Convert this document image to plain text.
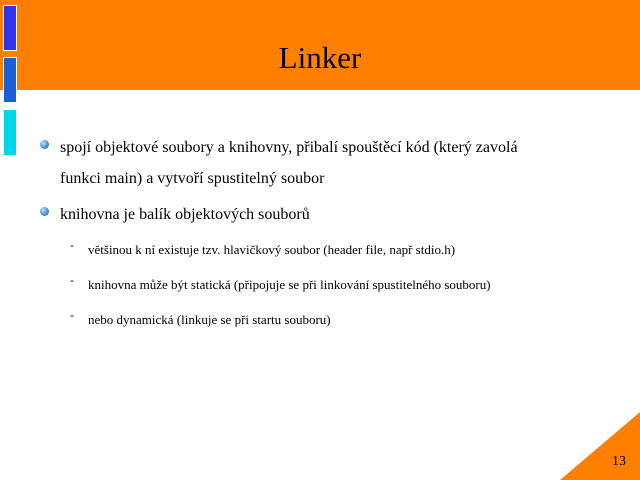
Linker
spojí objektové soubory a knihovny, přibalí spouštěcí kód (který zavolá
funkci main) a vytvoří spustitelný soubor
knihovna je balík objektových souborů
- většinou k ní existuje tzv. hlavičkový soubor (header file, např stdio.h)
- knihovna může být statická (připojuje se při linkování spustitelného souboru)
- nebo dynamická (linkuje se při startu souboru)
13
